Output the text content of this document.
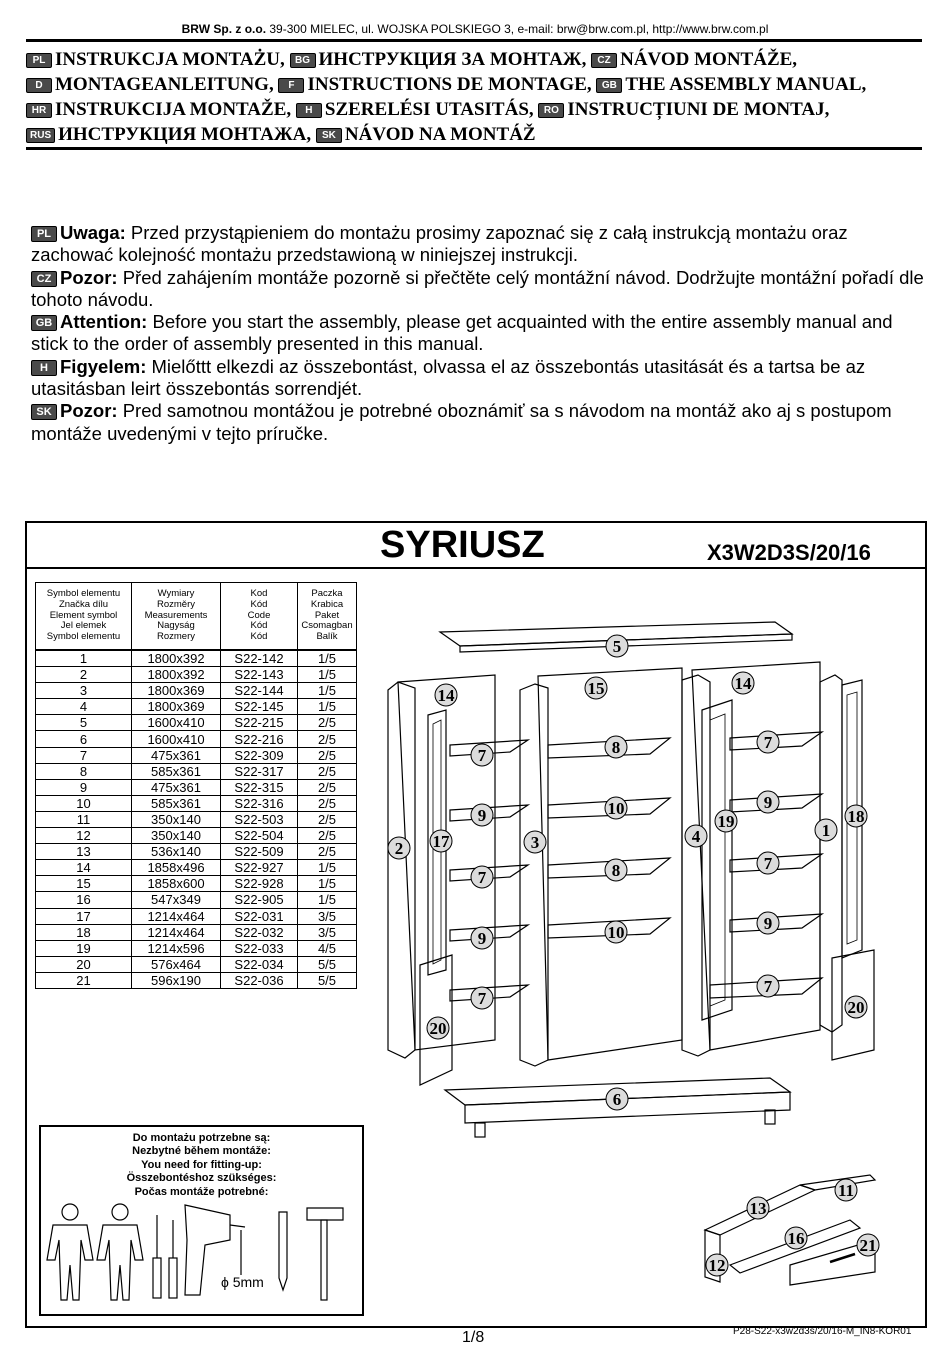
BRW Sp. z o.o. 39-300 MIELEC, ul. WOJSKA POLSKIEGO 3, e-mail: brw@brw.com.pl, http://www.brw.com.pl
PL INSTRUKCJA MONTAŻU, BG ИНСТРУКЦИЯ ЗА МОНТАЖ, CZ NÁVOD MONTÁŽE,
D MONTAGEANLEITUNG, F INSTRUCTIONS DE MONTAGE, GB THE ASSEMBLY MANUAL,
HR INSTRUKCIJA MONTAŽE, H SZERELÉSI UTASITÁS, RO INSTRUCȚIUNI DE MONTAJ,
RUS ИНСТРУКЦИЯ МОНТАЖА, SK NÁVOD NA MONTÁŽ
PL Uwaga: Przed przystąpieniem do montażu prosimy zapoznać się z całą instrukcją montażu oraz zachować kolejność montażu przedstawioną w niniejszej instrukcji.
CZ Pozor: Před zahájením montáže pozorně si přečtěte celý montážní návod. Dodržujte montážní pořadí dle tohoto návodu.
GB Attention: Before you start the assembly, please get acquainted with the entire assembly manual and stick to the order of assembly presented in this manual.
H Figyelem: Mielőttt elkezdi az összebontást, olvassa el az összebontás utasitását és a tartsa be az utasitásban leirt összebontás sorrendjét.
SK Pozor: Pred samotnou montážou je potrebné oboznámiť sa s návodom na montáž ako aj s postupom montáže uvedenými v tejto príručke.
SYRIUSZ	X3W2D3S/20/16
Symbol elementu
Značka dílu
Element symbol
Jel elemek
Symbol elementu	Wymiary
Rozměry
Measurements
Nagyság
Rozmery	Kod
Kód
Code
Kód
Kód	Paczka
Krabica
Paket
Csomagban
Balík
1	1800x392	S22-142	1/5
2	1800x392	S22-143	1/5
3	1800x369	S22-144	1/5
4	1800x369	S22-145	1/5
5	1600x410	S22-215	2/5
6	1600x410	S22-216	2/5
7	475x361	S22-309	2/5
8	585x361	S22-317	2/5
9	475x361	S22-315	2/5
10	585x361	S22-316	2/5
11	350x140	S22-503	2/5
12	350x140	S22-504	2/5
13	536x140	S22-509	2/5
14	1858x496	S22-927	1/5
15	1858x600	S22-928	1/5
16	547x349	S22-905	1/5
17	1214x464	S22-031	3/5
18	1214x464	S22-032	3/5
19	1214x596	S22-033	4/5
20	576x464	S22-034	5/5
21	596x190	S22-036	5/5
5
14	15	14
7	8	7
9	10	9
2 17	3	4
19	1
18
7	8	7
9	10	9
7
7
20
20
6
13
11
16	21
12
Do montażu potrzebne są:
Nezbytné během montáže:
You need for fitting-up:
Összebontéshoz szükséges:
Počas montáže potrebné:
ϕ 5mm
1/8	P28-S22-x3w2d3s/20/16-M_IN8-KOR01
